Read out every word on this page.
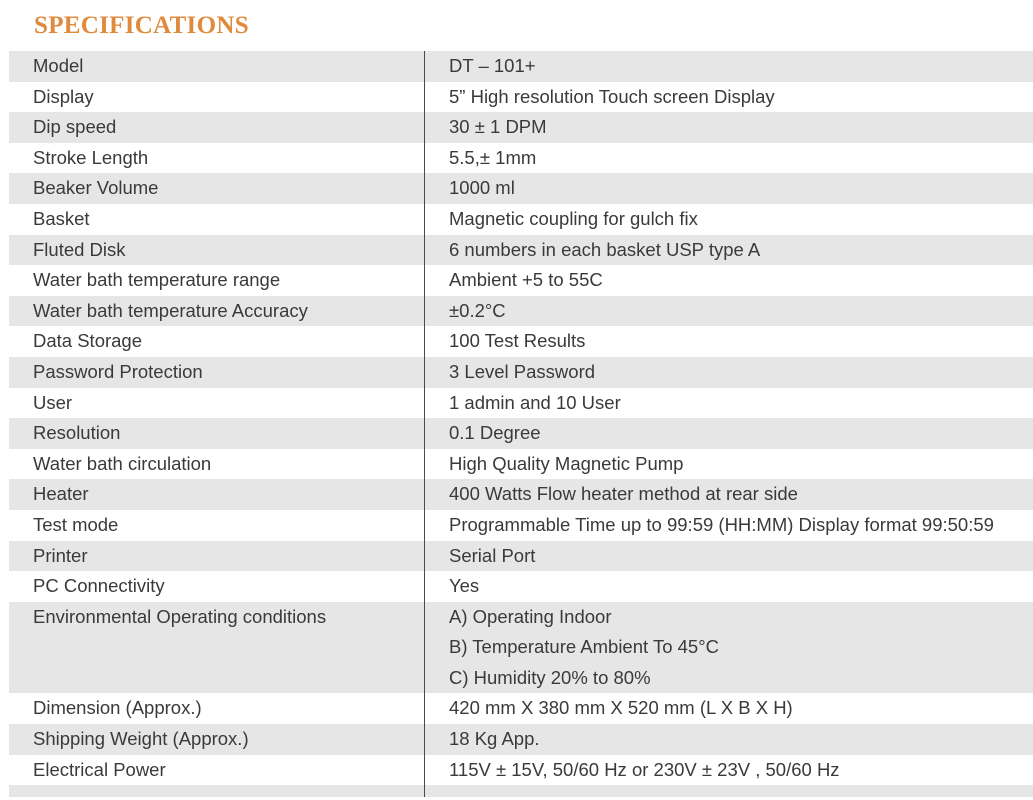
SPECIFICATIONS
Model	DT – 101+
Display	5” High resolution Touch screen Display
Dip speed	30 ± 1 DPM
Stroke Length	5.5,± 1mm
Beaker Volume	1000 ml
Basket	Magnetic coupling for gulch fix
Fluted Disk	6 numbers in each basket USP type A
Water bath temperature range	Ambient +5 to 55C
Water bath temperature Accuracy	±0.2°C
Data Storage	100 Test Results
Password Protection	3 Level Password
User	1 admin and 10 User
Resolution	0.1 Degree
Water bath circulation	High Quality Magnetic Pump
Heater	400 Watts Flow heater method at rear side
Test mode	Programmable Time up to 99:59 (HH:MM) Display format 99:50:59
Printer	Serial Port
PC Connectivity	Yes
Environmental Operating conditions	A) Operating Indoor
B) Temperature Ambient To 45°C
C) Humidity 20% to 80%
Dimension (Approx.)	420 mm X 380 mm X 520 mm (L X B X H)
Shipping Weight (Approx.)	18 Kg App.
Electrical Power	115V ± 15V, 50/60 Hz or 230V ± 23V , 50/60 Hz
